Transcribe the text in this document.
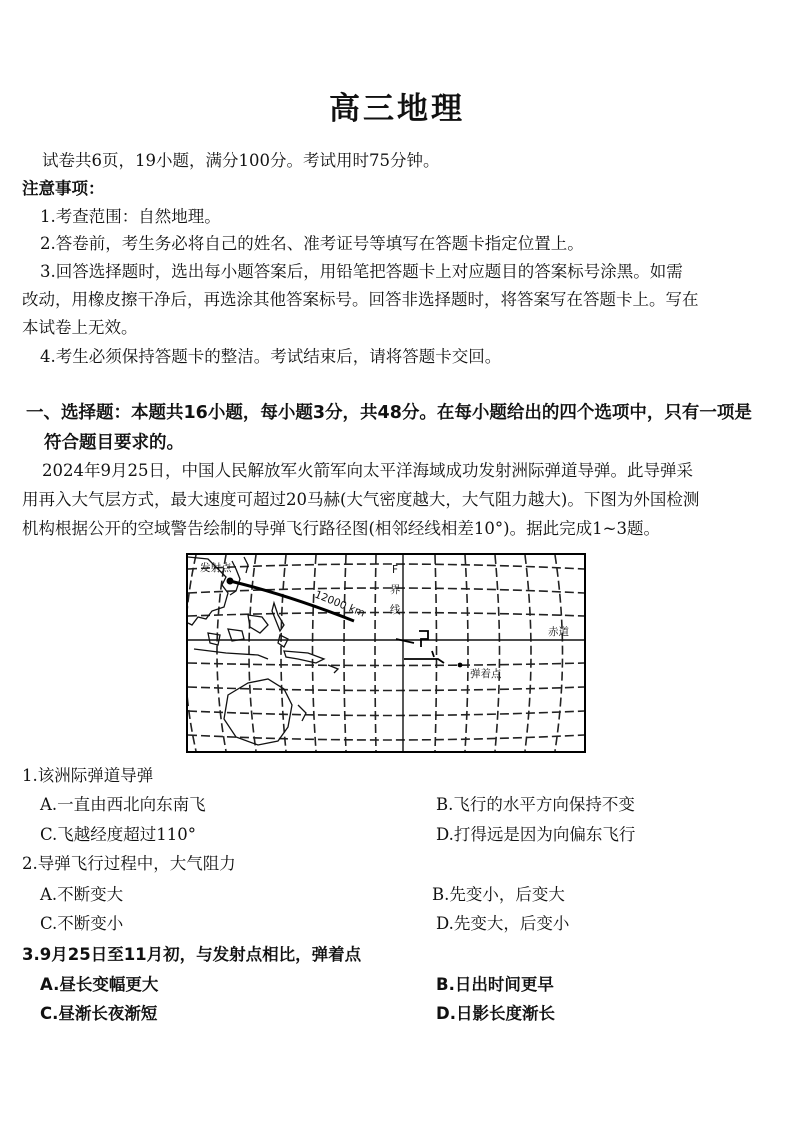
高三地理
试卷共6页，19小题，满分100分。考试用时75分钟。
注意事项：
1.考查范围：自然地理。
2.答卷前，考生务必将自己的姓名、准考证号等填写在答题卡指定位置上。
3.回答选择题时，选出每小题答案后，用铅笔把答题卡上对应题目的答案标号涂黑。如需
改动，用橡皮擦干净后，再选涂其他答案标号。回答非选择题时，将答案写在答题卡上。写在
本试卷上无效。
4.考生必须保持答题卡的整洁。考试结束后，请将答题卡交回。
一、选择题：本题共16小题，每小题3分，共48分。在每小题给出的四个选项中，只有一项是
符合题目要求的。
2024年9月25日，中国人民解放军火箭军向太平洋海域成功发射洲际弹道导弹。此导弹采
用再入大气层方式，最大速度可超过20马赫(大气密度越大，大气阻力越大)。下图为外国检测
机构根据公开的空域警告绘制的导弹飞行路径图(相邻经线相差10°)。据此完成1~3题。
发射点
12000 km
F
界
线
赤道
弹着点
1.该洲际弹道导弹
A.一直由西北向东南飞	B.飞行的水平方向保持不变
C.飞越经度超过110°	D.打得远是因为向偏东飞行
2.导弹飞行过程中，大气阻力
A.不断变大	B.先变小，后变大
C.不断变小	D.先变大，后变小
3.9月25日至11月初，与发射点相比，弹着点
A.昼长变幅更大	B.日出时间更早
C.昼渐长夜渐短	D.日影长度渐长
